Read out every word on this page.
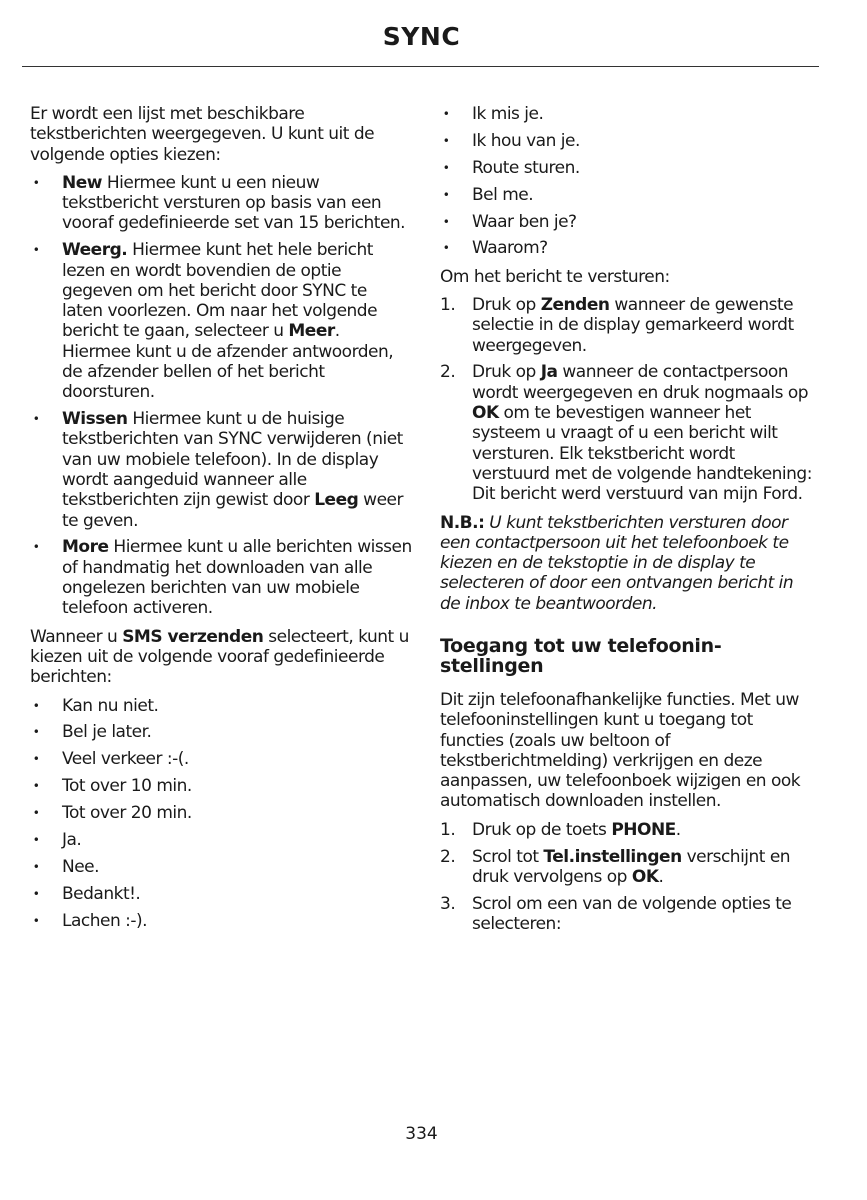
SYNC

Er wordt een lijst met beschikbare tekstberichten weergegeven. U kunt uit de volgende opties kiezen:

• New Hiermee kunt u een nieuw tekstbericht versturen op basis van een vooraf gedefinieerde set van 15 berichten.
• Weerg. Hiermee kunt het hele bericht lezen en wordt bovendien de optie gegeven om het bericht door SYNC te laten voorlezen. Om naar het volgende bericht te gaan, selecteer u Meer. Hiermee kunt u de afzender antwoorden, de afzender bellen of het bericht doorsturen.
• Wissen Hiermee kunt u de huisige tekstberichten van SYNC verwijderen (niet van uw mobiele telefoon). In de display wordt aangeduid wanneer alle tekstberichten zijn gewist door Leeg weer te geven.
• More Hiermee kunt u alle berichten wissen of handmatig het downloaden van alle ongelezen berichten van uw mobiele telefoon activeren.

Wanneer u SMS verzenden selecteert, kunt u kiezen uit de volgende vooraf gedefinieerde berichten:

• Kan nu niet.
• Bel je later.
• Veel verkeer :-(.
• Tot over 10 min.
• Tot over 20 min.
• Ja.
• Nee.
• Bedankt!.
• Lachen :-).
• Ik mis je.
• Ik hou van je.
• Route sturen.
• Bel me.
• Waar ben je?
• Waarom?

Om het bericht te versturen:

1. Druk op Zenden wanneer de gewenste selectie in de display gemarkeerd wordt weergegeven.
2. Druk op Ja wanneer de contactpersoon wordt weergegeven en druk nogmaals op OK om te bevestigen wanneer het systeem u vraagt of u een bericht wilt versturen. Elk tekstbericht wordt verstuurd met de volgende handtekening: Dit bericht werd verstuurd van mijn Ford.

N.B.: U kunt tekstberichten versturen door een contactpersoon uit het telefoonboek te kiezen en de tekstoptie in de display te selecteren of door een ontvangen bericht in de inbox te beantwoorden.

Toegang tot uw telefoonin-stellingen

Dit zijn telefoonafhankelijke functies. Met uw telefooninstellingen kunt u toegang tot functies (zoals uw beltoon of tekstberichtmelding) verkrijgen en deze aanpassen, uw telefoonboek wijzigen en ook automatisch downloaden instellen.

1. Druk op de toets PHONE.
2. Scrol tot Tel.instellingen verschijnt en druk vervolgens op OK.
3. Scrol om een van de volgende opties te selecteren:
334
